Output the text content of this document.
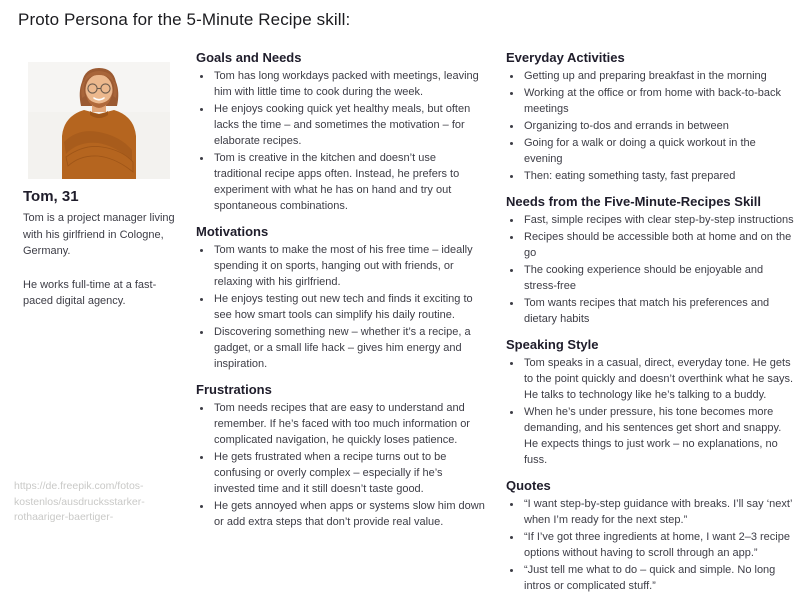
Proto Persona for the 5-Minute Recipe skill:
Tom, 31

Tom is a project manager living with his girlfriend in Cologne, Germany.

He works full-time at a fast-paced digital agency.

https://de.freepik.com/fotos-
kostenlos/ausdrucksstarker-
rothaariger-baertiger-
Goals and Needs
• Tom has long workdays packed with meetings, leaving him with little time to cook during the week.
• He enjoys cooking quick yet healthy meals, but often lacks the time – and sometimes the motivation – for elaborate recipes.
• Tom is creative in the kitchen and doesn’t use traditional recipe apps often. Instead, he prefers to experiment with what he has on hand and try out spontaneous combinations.
Motivations
• Tom wants to make the most of his free time – ideally spending it on sports, hanging out with friends, or relaxing with his girlfriend.
• He enjoys testing out new tech and finds it exciting to see how smart tools can simplify his daily routine.
• Discovering something new – whether it’s a recipe, a gadget, or a small life hack – gives him energy and inspiration.
Frustrations
• Tom needs recipes that are easy to understand and remember. If he’s faced with too much information or complicated navigation, he quickly loses patience.
• He gets frustrated when a recipe turns out to be confusing or overly complex – especially if he’s invested time and it still doesn’t taste good.
• He gets annoyed when apps or systems slow him down or add extra steps that don’t provide real value.
Everyday Activities
• Getting up and preparing breakfast in the morning
• Working at the office or from home with back-to-back meetings
• Organizing to-dos and errands in between
• Going for a walk or doing a quick workout in the evening
• Then: eating something tasty, fast prepared
Needs from the Five-Minute-Recipes Skill
• Fast, simple recipes with clear step-by-step instructions
• Recipes should be accessible both at home and on the go
• The cooking experience should be enjoyable and stress-free
• Tom wants recipes that match his preferences and dietary habits
Speaking Style
• Tom speaks in a casual, direct, everyday tone. He gets to the point quickly and doesn’t overthink what he says. He talks to technology like he’s talking to a buddy.
• When he’s under pressure, his tone becomes more demanding, and his sentences get short and snappy. He expects things to just work – no explanations, no fuss.
Quotes
• “I want step-by-step guidance with breaks. I’ll say ‘next’ when I’m ready for the next step.”
• “If I’ve got three ingredients at home, I want 2–3 recipe options without having to scroll through an app.”
• “Just tell me what to do – quick and simple. No long intros or complicated stuff.”
